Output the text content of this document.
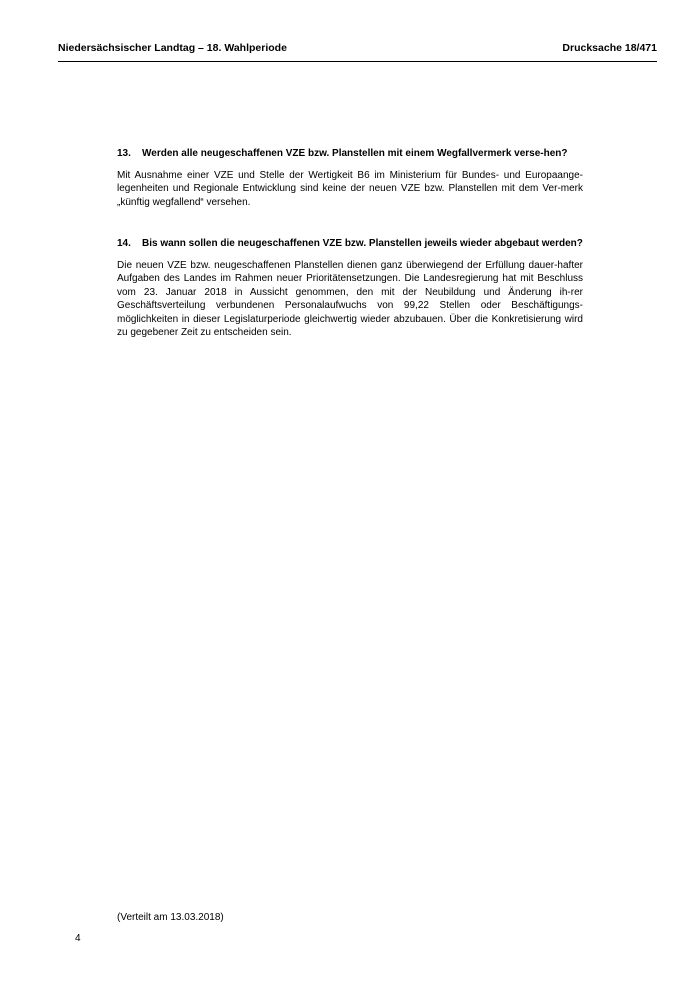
Niedersächsischer Landtag – 18. Wahlperiode	Drucksache 18/471

13.	Werden alle neugeschaffenen VZE bzw. Planstellen mit einem Wegfallvermerk verse-hen?

Mit Ausnahme einer VZE und Stelle der Wertigkeit B6 im Ministerium für Bundes- und Europaange-legenheiten und Regionale Entwicklung sind keine der neuen VZE bzw. Planstellen mit dem Ver-merk „künftig wegfallend“ versehen.

14.	Bis wann sollen die neugeschaffenen VZE bzw. Planstellen jeweils wieder abgebaut werden?

Die neuen VZE bzw. neugeschaffenen Planstellen dienen ganz überwiegend der Erfüllung dauer-hafter Aufgaben des Landes im Rahmen neuer Prioritätensetzungen. Die Landesregierung hat mit Beschluss vom 23. Januar 2018 in Aussicht genommen, den mit der Neubildung und Änderung ih-rer Geschäftsverteilung verbundenen Personalaufwuchs von 99,22 Stellen oder Beschäftigungs-möglichkeiten in dieser Legislaturperiode gleichwertig wieder abzubauen. Über die Konkretisierung wird zu gegebener Zeit zu entscheiden sein.

(Verteilt am 13.03.2018)
4
